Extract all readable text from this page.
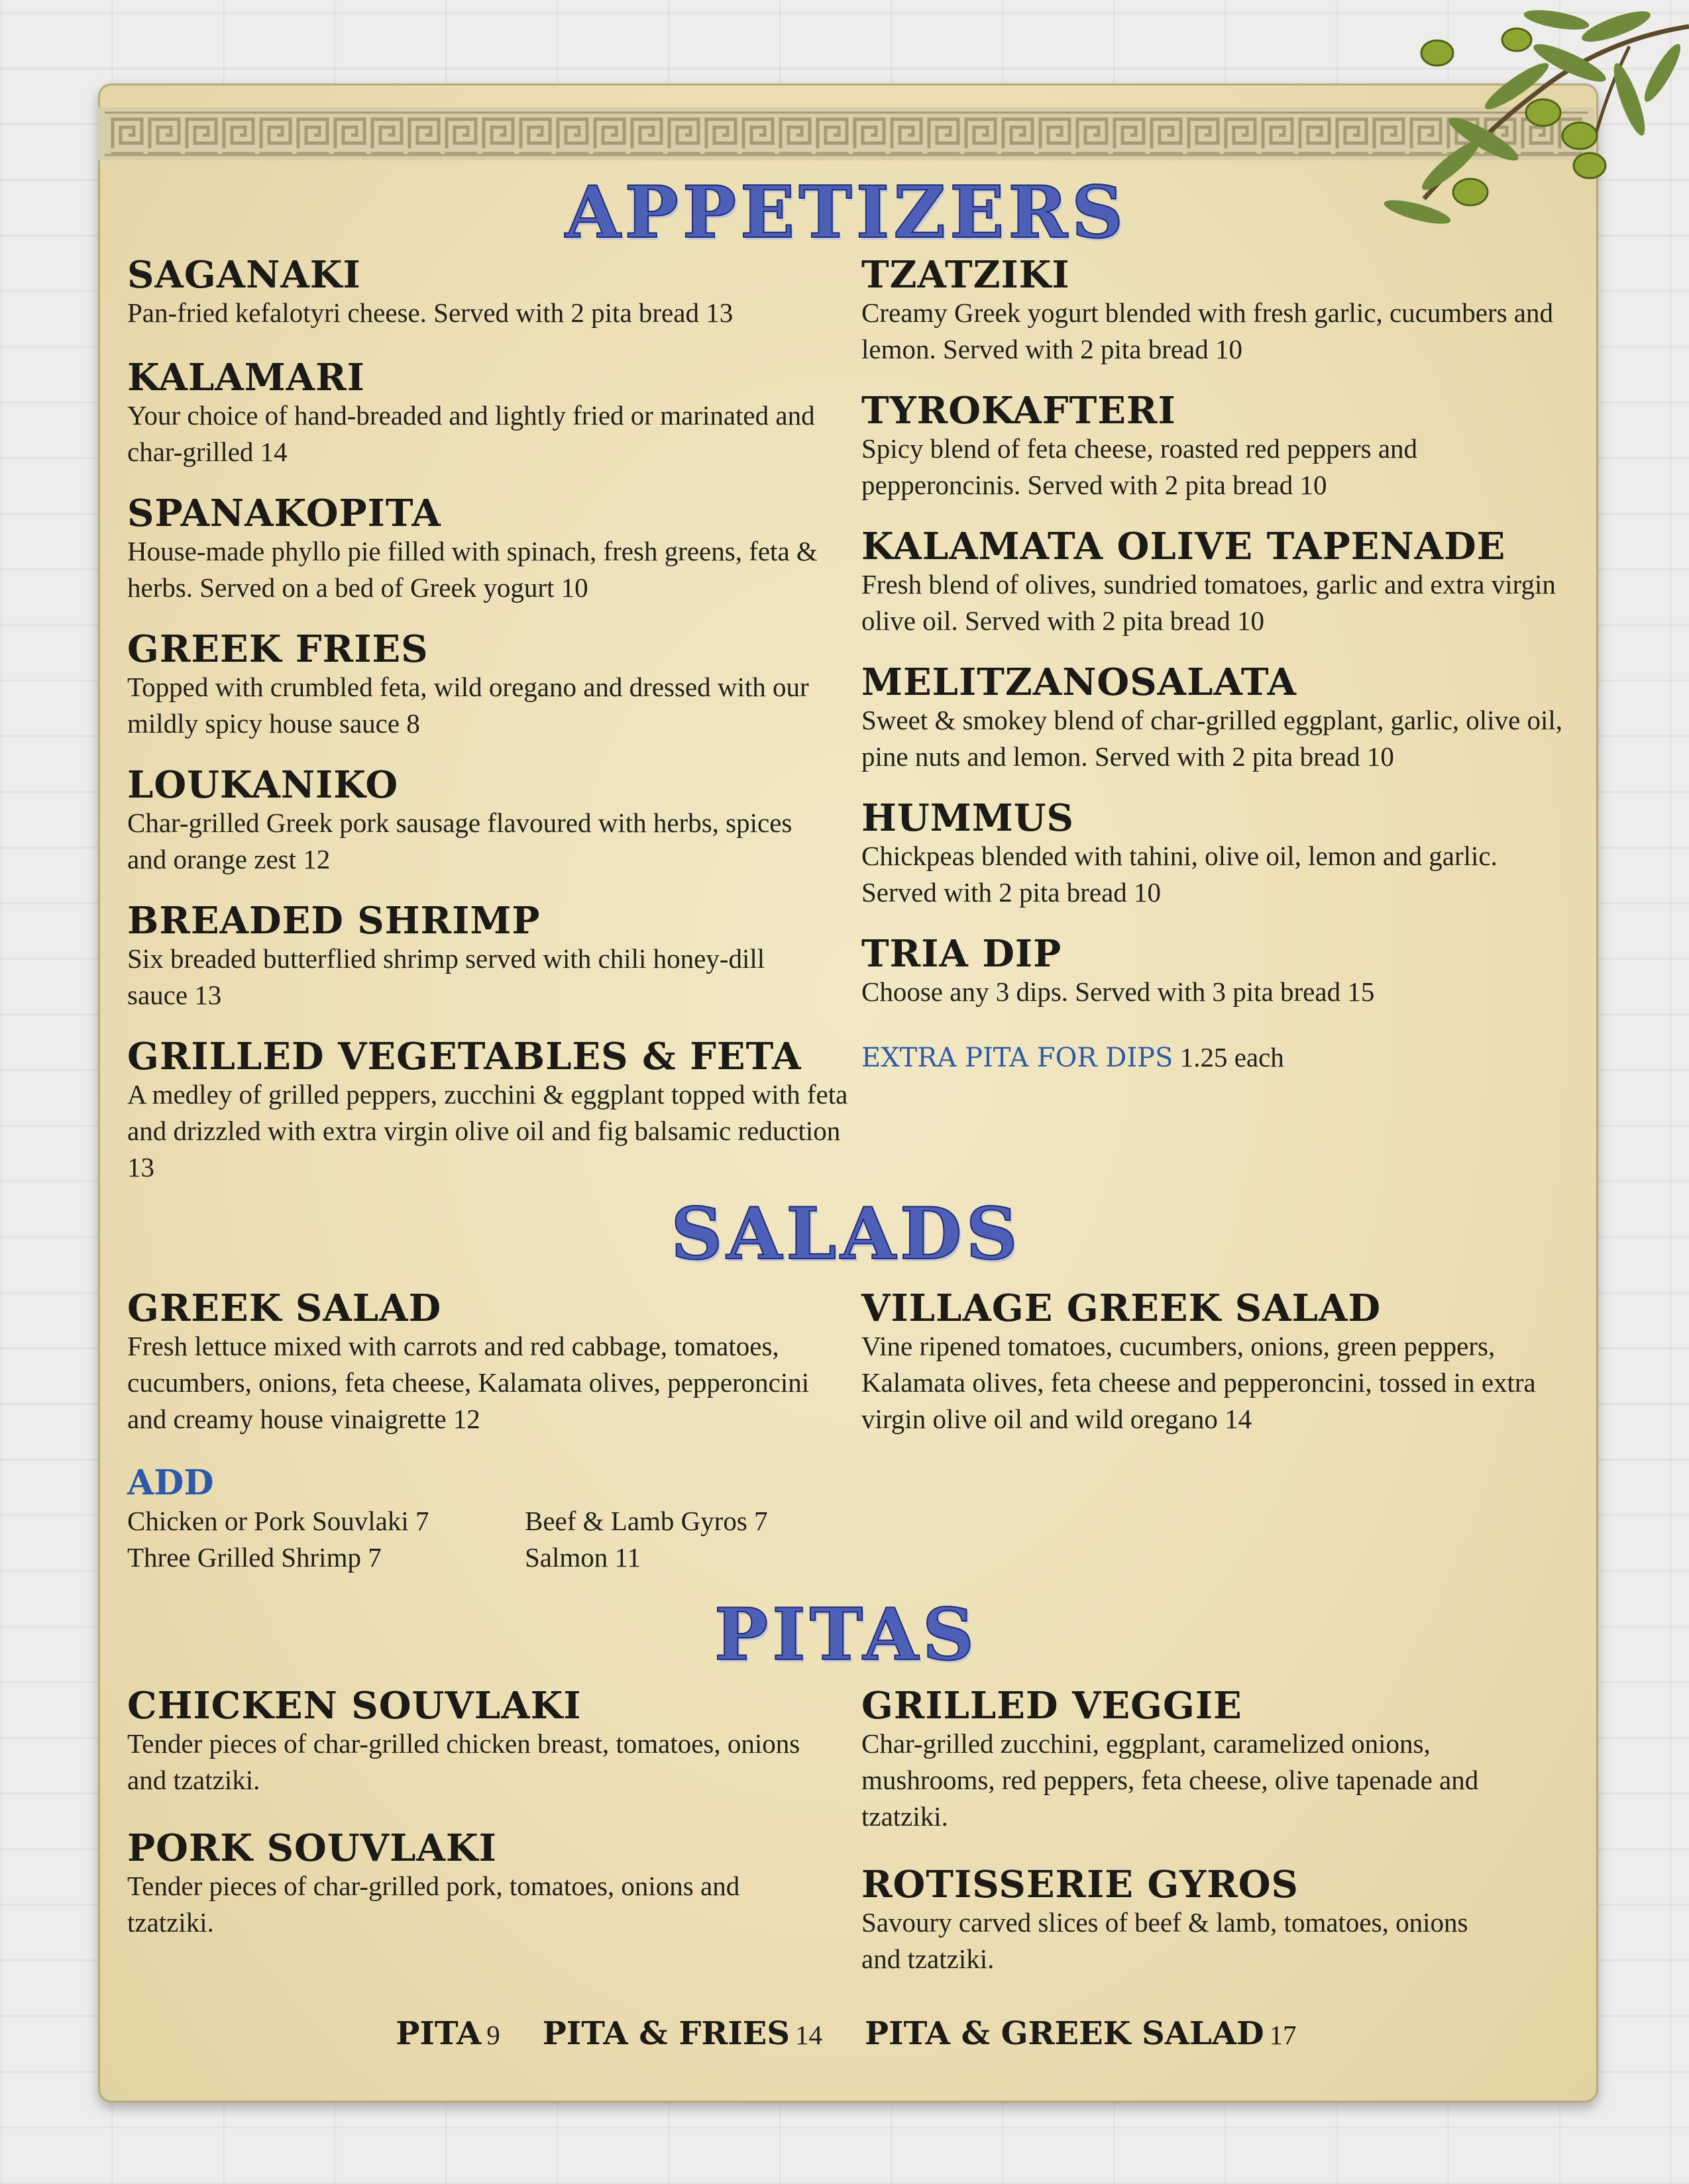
APPETIZERS
SAGANAKI

Pan-fried kefalotyri cheese. Served with 2 pita bread 13

KALAMARI

Your choice of hand-breaded and lightly fried or marinated and char-grilled 14

SPANAKOPITA

House-made phyllo pie filled with spinach, fresh greens, feta & herbs. Served on a bed of Greek yogurt 10

GREEK FRIES

Topped with crumbled feta, wild oregano and dressed with our mildly spicy house sauce 8

LOUKANIKO

Char-grilled Greek pork sausage flavoured with herbs, spices and orange zest 12

BREADED SHRIMP

Six breaded butterflied shrimp served with chili honey-dill sauce 13

GRILLED VEGETABLES & FETA

A medley of grilled peppers, zucchini & eggplant topped with feta and drizzled with extra virgin olive oil and fig balsamic reduction 13

TZATZIKI

Creamy Greek yogurt blended with fresh garlic, cucumbers and lemon. Served with 2 pita bread 10

TYROKAFTERI

Spicy blend of feta cheese, roasted red peppers and pepperoncinis. Served with 2 pita bread 10

KALAMATA OLIVE TAPENADE

Fresh blend of olives, sundried tomatoes, garlic and extra virgin olive oil. Served with 2 pita bread 10

MELITZANOSALATA

Sweet & smokey blend of char-grilled eggplant, garlic, olive oil, pine nuts and lemon. Served with 2 pita bread 10

HUMMUS

Chickpeas blended with tahini, olive oil, lemon and garlic. Served with 2 pita bread 10

TRIA DIP

Choose any 3 dips. Served with 3 pita bread 15

EXTRA PITA FOR DIPS 1.25 each
SALADS
GREEK SALAD

Fresh lettuce mixed with carrots and red cabbage, tomatoes, cucumbers, onions, feta cheese, Kalamata olives, pepperoncini and creamy house vinaigrette 12

VILLAGE GREEK SALAD

Vine ripened tomatoes, cucumbers, onions, green peppers, Kalamata olives, feta cheese and pepperoncini, tossed in extra virgin olive oil and wild oregano 14

ADD
Chicken or Pork Souvlaki 7	Beef & Lamb Gyros 7
Three Grilled Shrimp 7	Salmon 11
PITAS
CHICKEN SOUVLAKI

Tender pieces of char-grilled chicken breast, tomatoes, onions and tzatziki.

PORK SOUVLAKI

Tender pieces of char-grilled pork, tomatoes, onions and tzatziki.

GRILLED VEGGIE

Char-grilled zucchini, eggplant, caramelized onions, mushrooms, red peppers, feta cheese, olive tapenade and tzatziki.

ROTISSERIE GYROS

Savoury carved slices of beef & lamb, tomatoes, onions and tzatziki.

PITA 9 PITA & FRIES 14 PITA & GREEK SALAD 17
